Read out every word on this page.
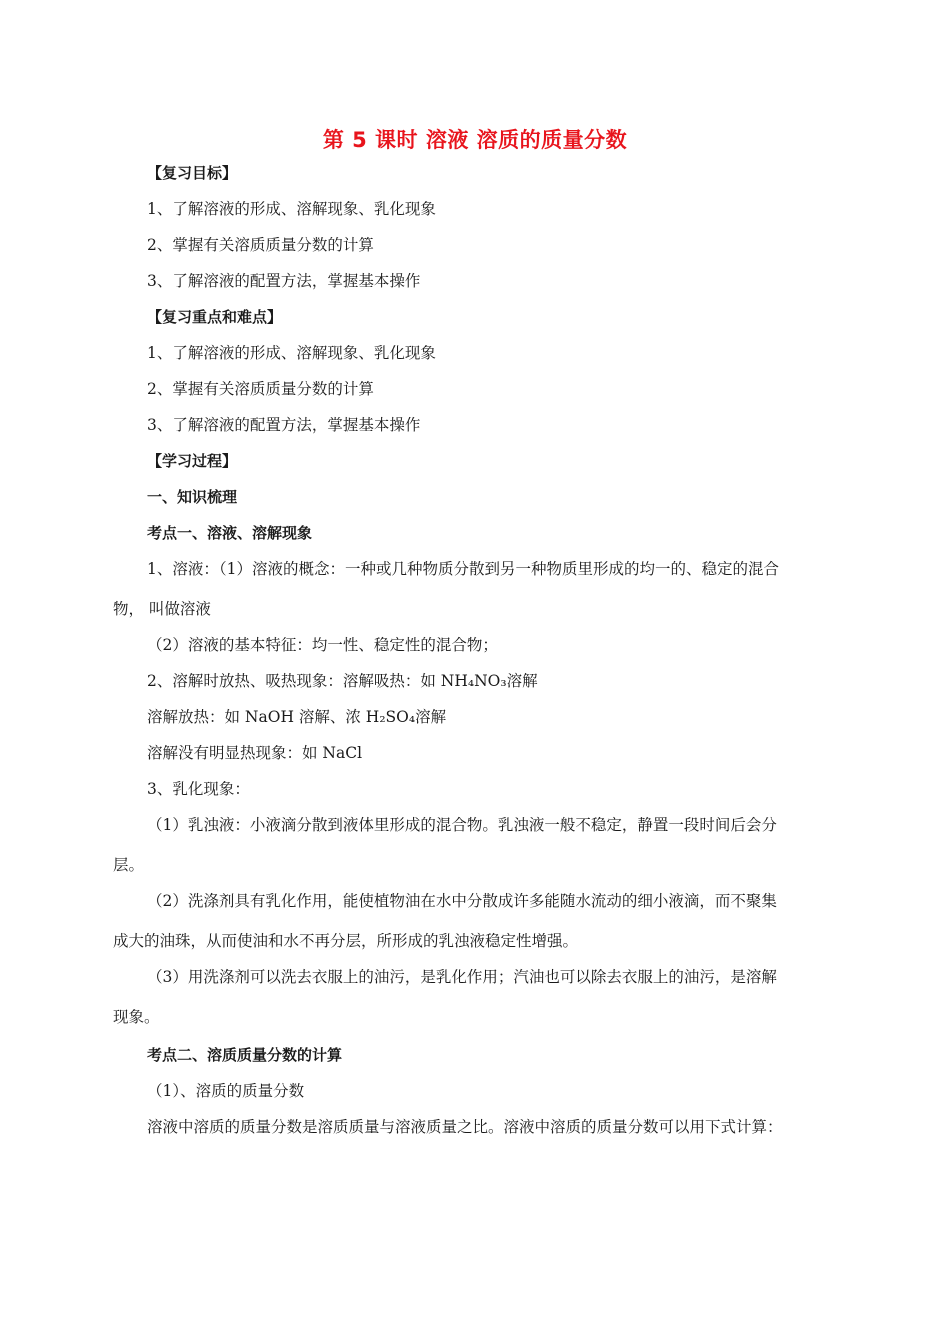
第 5 课时 溶液 溶质的质量分数
【复习目标】
1、了解溶液的形成、溶解现象、乳化现象
2、掌握有关溶质质量分数的计算
3、了解溶液的配置方法，掌握基本操作
【复习重点和难点】
1、了解溶液的形成、溶解现象、乳化现象
2、掌握有关溶质质量分数的计算
3、了解溶液的配置方法，掌握基本操作
【学习过程】
一、知识梳理
考点一、溶液、溶解现象
1、溶液：（1）溶液的概念：一种或几种物质分散到另一种物质里形成的均一的、稳定的混合
物， 叫做溶液
（2）溶液的基本特征：均一性、稳定性的混合物；
2、溶解时放热、吸热现象：溶解吸热：如 NH₄NO₃溶解
溶解放热：如 NaOH 溶解、浓 H₂SO₄溶解
溶解没有明显热现象：如 NaCl
3、乳化现象：
（1）乳浊液：小液滴分散到液体里形成的混合物。乳浊液一般不稳定，静置一段时间后会分
层。
（2）洗涤剂具有乳化作用，能使植物油在水中分散成许多能随水流动的细小液滴，而不聚集
成大的油珠，从而使油和水不再分层，所形成的乳浊液稳定性增强。
（3）用洗涤剂可以洗去衣服上的油污，是乳化作用；汽油也可以除去衣服上的油污，是溶解
现象。
考点二、溶质质量分数的计算
（1）、溶质的质量分数
溶液中溶质的质量分数是溶质质量与溶液质量之比。溶液中溶质的质量分数可以用下式计算：
